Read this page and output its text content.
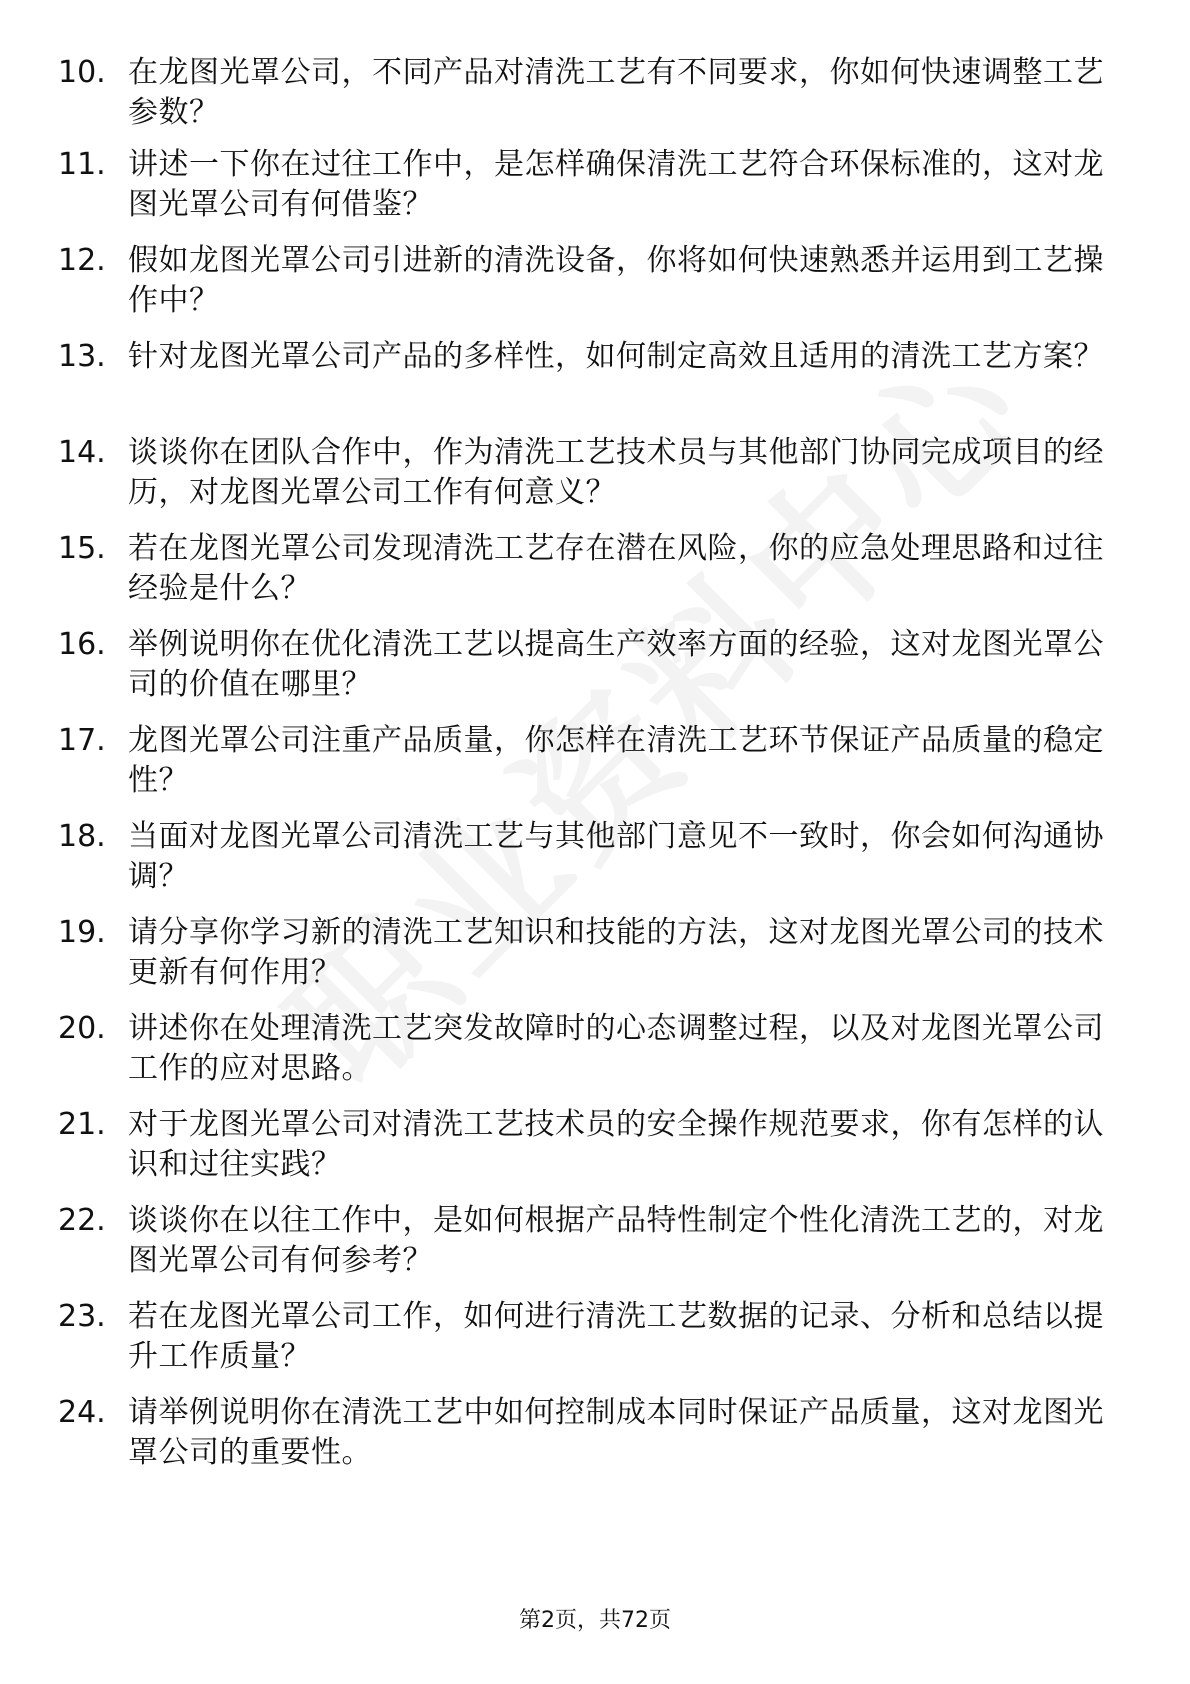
10. 在龙图光罩公司，不同产品对清洗工艺有不同要求，你如何快速调整工艺参数？
11. 讲述一下你在过往工作中，是怎样确保清洗工艺符合环保标准的，这对龙图光罩公司有何借鉴？
12. 假如龙图光罩公司引进新的清洗设备，你将如何快速熟悉并运用到工艺操作中？
13. 针对龙图光罩公司产品的多样性，如何制定高效且适用的清洗工艺方案？
14. 谈谈你在团队合作中，作为清洗工艺技术员与其他部门协同完成项目的经历，对龙图光罩公司工作有何意义？
15. 若在龙图光罩公司发现清洗工艺存在潜在风险，你的应急处理思路和过往经验是什么？
16. 举例说明你在优化清洗工艺以提高生产效率方面的经验，这对龙图光罩公司的价值在哪里？
17. 龙图光罩公司注重产品质量，你怎样在清洗工艺环节保证产品质量的稳定性？
18. 当面对龙图光罩公司清洗工艺与其他部门意见不一致时，你会如何沟通协调？
19. 请分享你学习新的清洗工艺知识和技能的方法，这对龙图光罩公司的技术更新有何作用？
20. 讲述你在处理清洗工艺突发故障时的心态调整过程，以及对龙图光罩公司工作的应对思路。
21. 对于龙图光罩公司对清洗工艺技术员的安全操作规范要求，你有怎样的认识和过往实践？
22. 谈谈你在以往工作中，是如何根据产品特性制定个性化清洗工艺的，对龙图光罩公司有何参考？
23. 若在龙图光罩公司工作，如何进行清洗工艺数据的记录、分析和总结以提升工作质量？
24. 请举例说明你在清洗工艺中如何控制成本同时保证产品质量，这对龙图光罩公司的重要性。
第2页，共72页
